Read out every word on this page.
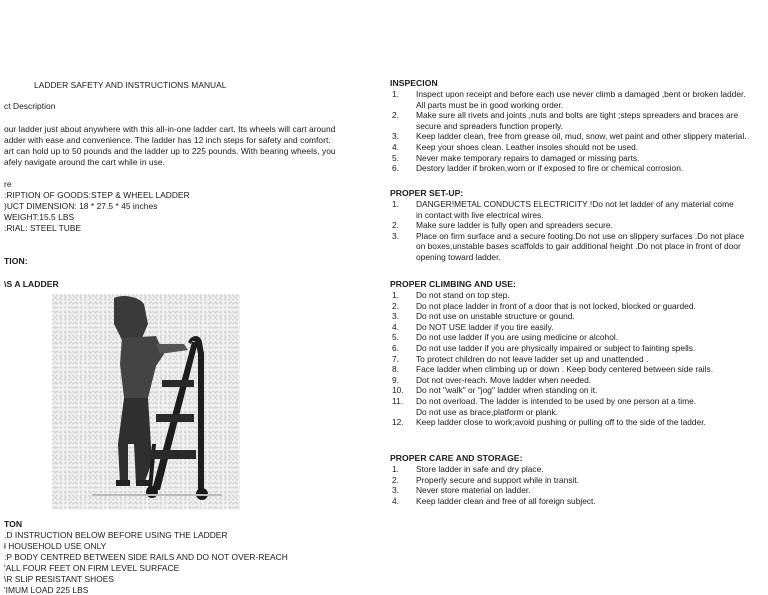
LADDER SAFETY AND INSTRUCTIONS MANUAL
ct Description
our ladder just about anywhere with this all-in-one ladder cart. Its wheels will cart around
adder with ease and convenience. The ladder has 12 inch steps for safety and comfort.
art can hold up to 50 pounds and the ladder up to 225 pounds. With bearing wheels, you
afely navigate around the cart while in use.
re
:RIPTION OF GOODS:STEP & WHEEL LADDER
)UCT DIMENSION: 18 * 27.5 * 45 inches
WEIGHT:15.5 LBS
:RIAL: STEEL TUBE
TION:
\S A LADDER
TON
.D INSTRUCTION BELOW BEFORE USING THE LADDER
ł HOUSEHOLD USE ONLY
:P BODY CENTRED BETWEEN SIDE RAILS AND DO NOT OVER-REACH
'ALL FOUR FEET ON FIRM LEVEL SURFACE
\R SLIP RESISTANT SHOES
'IMUM LOAD 225 LBS
INSPECION
1. Inspect upon receipt and before each use never climb a damaged ,bent or broken ladder.
All parts must be in good working order.
2. Make sure all rivets and joints ,nuts and bolts are tight ;steps spreaders and braces are
secure and spreaders function properly.
3. Keep ladder clean, free from grease oil, mud, snow, wet paint and other slippery material.
4. Keep your shoes clean. Leather insoles should not be used.
5. Never make temporary repairs to damaged or missing parts.
6. Destory ladder if broken,worn or if exposed to fire or chemical corrosion.
PROPER SET-UP:
1. DANGER!METAL CONDUCTS ELECTRICITY !Do not let ladder of any material come
in contact with live electrical wires.
2. Make sure ladder is fully open and spreaders secure.
3. Place on firm surface and a secure footing.Do not use on slippery surfaces .Do not place
on boxes,unstable bases scaffolds to gair additional height .Do not place in front of door
opening toward ladder.
PROPER CLIMBING AND USE:
1. Do not stand on top step.
2. Do not place ladder in front of a door that is not locked, blocked or guarded.
3. Do not use on unstable structure or gound.
4. Do NOT USE ladder if you tire easily.
5. Do not use ladder if you are using medicine or alcohol.
6. Do not use ladder if you are physically impaired or subject to fainting spells.
7. To protect children do not leave ladder set up and unattended .
8. Face ladder when climbing up or down . Keep body centered between side rails.
9. Dot not over-reach. Move ladder when needed.
10. Do not "walk" or "jog" ladder when standing on it.
11. Do not overload. The ladder is intended to be used by one person at a time.
Do not use as brace,platform or plank.
12. Keep ladder close to work;avoid pushing or pulling off to the side of the ladder.
PROPER CARE AND STORAGE:
1. Store ladder in safe and dry place.
2. Properly secure and support while in transit.
3. Never store material on ladder.
4. Keep ladder clean and free of all foreign subject.
